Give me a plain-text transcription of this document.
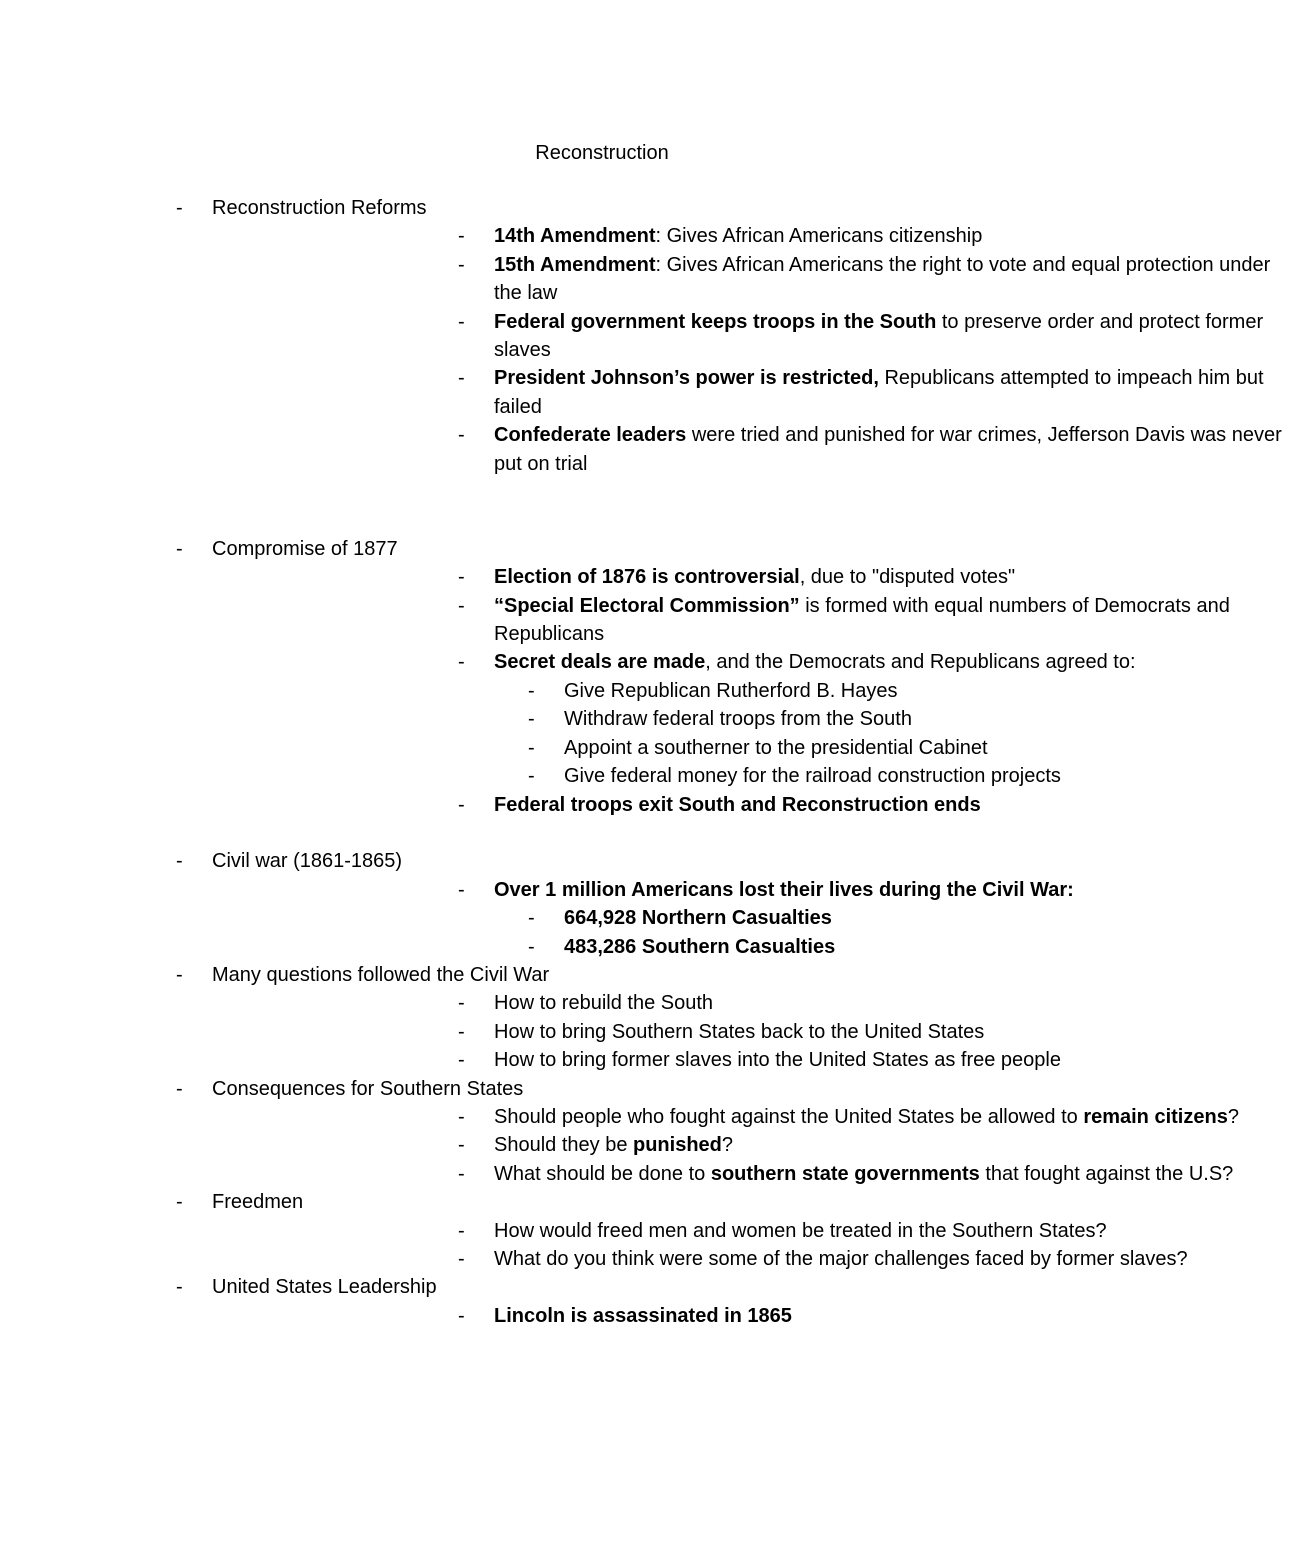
Reconstruction
- Reconstruction Reforms
- 14th Amendment: Gives African Americans citizenship
- 15th Amendment: Gives African Americans the right to vote and equal protection under the law
- Federal government keeps troops in the South to preserve order and protect former slaves
- President Johnson’s power is restricted, Republicans attempted to impeach him but failed
- Confederate leaders were tried and punished for war crimes, Jefferson Davis was never put on trial
- Compromise of 1877
- Election of 1876 is controversial, due to "disputed votes"
- “Special Electoral Commission” is formed with equal numbers of Democrats and Republicans
- Secret deals are made, and the Democrats and Republicans agreed to:
- Give Republican Rutherford B. Hayes
- Withdraw federal troops from the South
- Appoint a southerner to the presidential Cabinet
- Give federal money for the railroad construction projects
- Federal troops exit South and Reconstruction ends
- Civil war (1861-1865)
- Over 1 million Americans lost their lives during the Civil War:
- 664,928 Northern Casualties
- 483,286 Southern Casualties
- Many questions followed the Civil War
- How to rebuild the South
- How to bring Southern States back to the United States
- How to bring former slaves into the United States as free people
- Consequences for Southern States
- Should people who fought against the United States be allowed to remain citizens?
- Should they be punished?
- What should be done to southern state governments that fought against the U.S?
- Freedmen
- How would freed men and women be treated in the Southern States?
- What do you think were some of the major challenges faced by former slaves?
- United States Leadership
- Lincoln is assassinated in 1865
